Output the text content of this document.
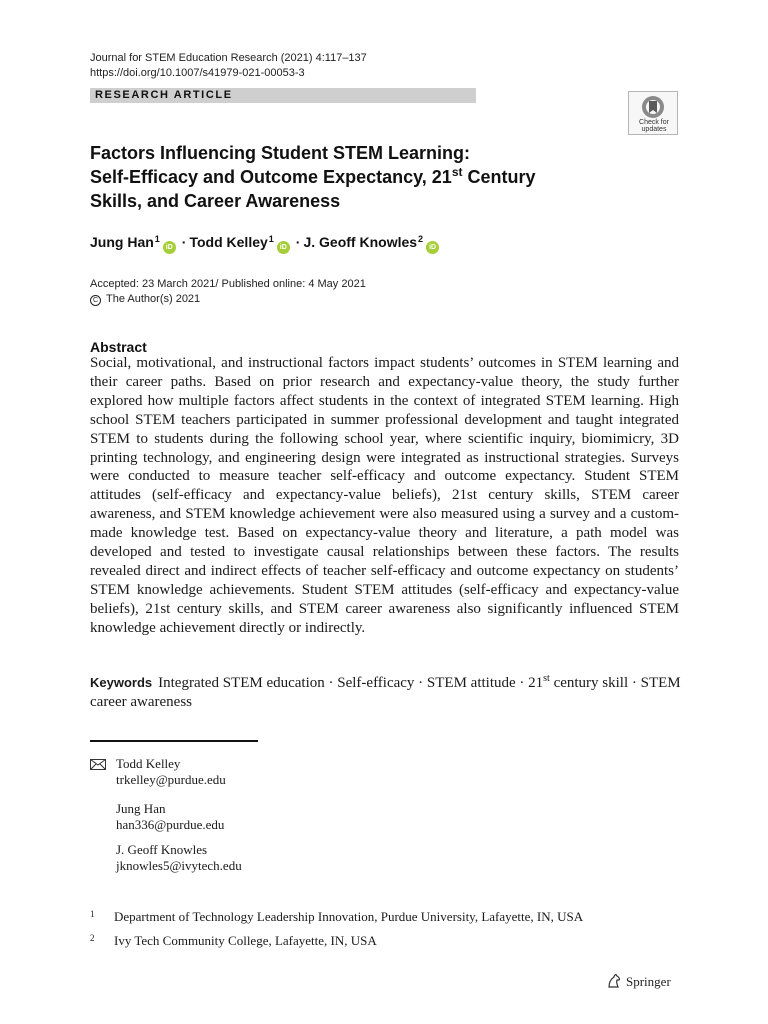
Journal for STEM Education Research (2021) 4:117–137
https://doi.org/10.1007/s41979-021-00053-3
RESEARCH ARTICLE
Check for
updates
Factors Influencing Student STEM Learning:
Self-Efficacy and Outcome Expectancy, 21st Century
Skills, and Career Awareness
Jung Han$^1$iD · Todd Kelley$^1$iD · J. Geoff Knowles$^2$iD
Accepted: 23 March 2021/ Published online: 4 May 2021
C The Author(s) 2021
Abstract
Social, motivational, and instructional factors impact students’ outcomes in STEM learning and their career paths. Based on prior research and expectancy-value theory, the study further explored how multiple factors affect students in the context of integrated STEM learning. High school STEM teachers participated in summer professional development and taught integrated STEM to students during the following school year, where scientific inquiry, biomimicry, 3D printing technology, and engineering design were integrated as instructional strategies. Surveys were conducted to measure teacher self-efficacy and outcome expectancy. Student STEM attitudes (self-efficacy and expectancy-value beliefs), 21st century skills, STEM career awareness, and STEM knowledge achievement were also measured using a survey and a custom-made knowledge test. Based on expectancy-value theory and literature, a path model was developed and tested to investigate causal relationships between these factors. The results revealed direct and indirect effects of teacher self-efficacy and outcome expectancy on students’ STEM knowledge achievements. Student STEM attitudes (self-efficacy and expectancy-value beliefs), 21st century skills, and STEM career awareness also significantly influenced STEM knowledge achievement directly or indirectly.
Keywords Integrated STEM education · Self-efficacy · STEM attitude · 21st century skill · STEM career awareness
Todd Kelley
trkelley@purdue.edu
Jung Han
han336@purdue.edu
J. Geoff Knowles
jknowles5@ivytech.edu
1 Department of Technology Leadership Innovation, Purdue University, Lafayette, IN, USA
2 Ivy Tech Community College, Lafayette, IN, USA
Springer
